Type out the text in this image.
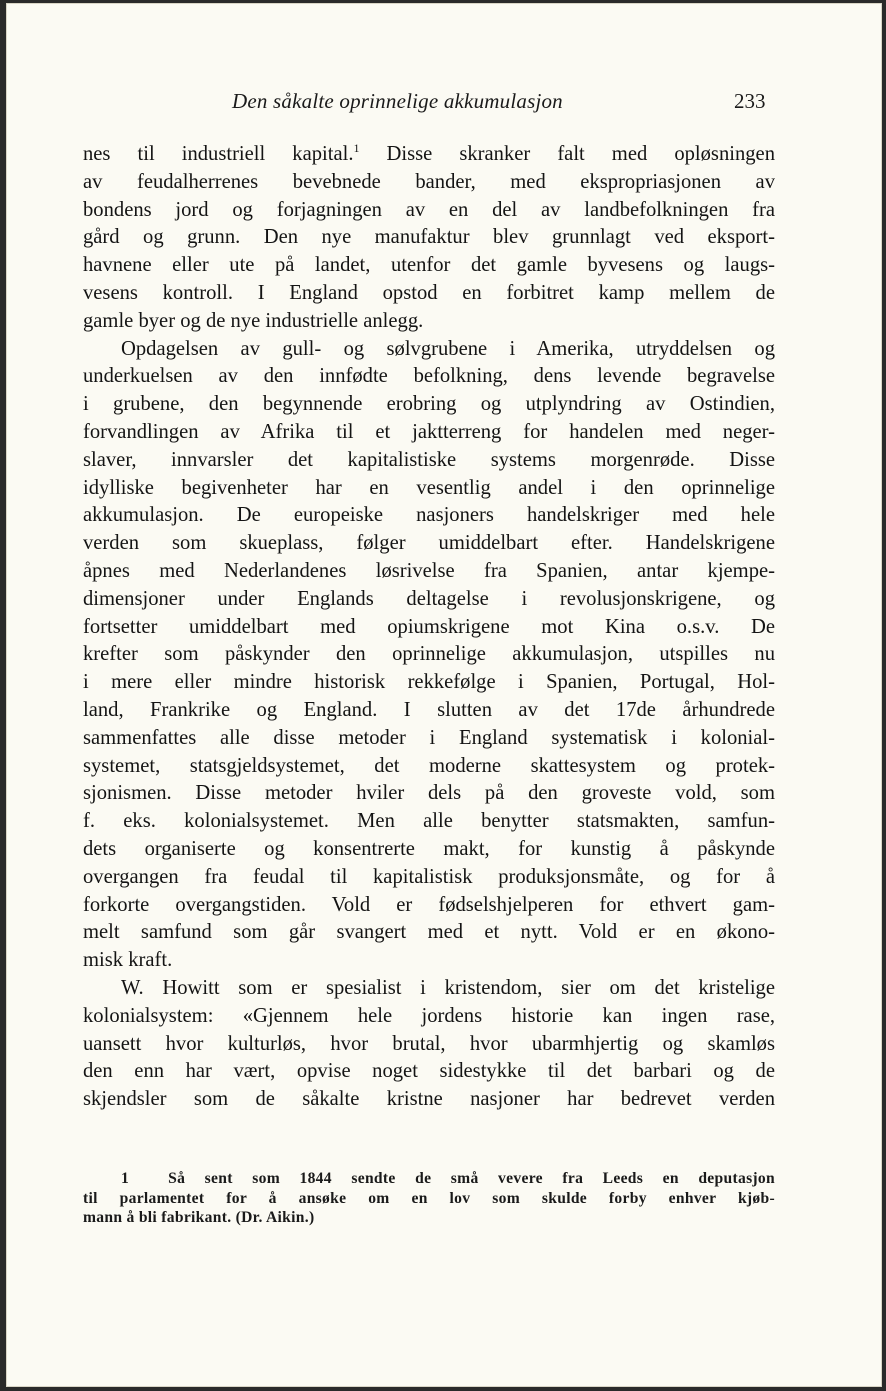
Den såkalte oprinnelige akkumulasjon	233
nes til industriell kapital.$^1$ Disse skranker falt med opløsningen
av feudalherrenes bevebnede bander, med ekspropriasjonen av
bondens jord og forjagningen av en del av landbefolkningen fra
gård og grunn. Den nye manufaktur blev grunnlagt ved eksport-
havnene eller ute på landet, utenfor det gamle byvesens og laugs-
vesens kontroll. I England opstod en forbitret kamp mellem de
gamle byer og de nye industrielle anlegg.
Opdagelsen av gull- og sølvgrubene i Amerika, utryddelsen og
underkuelsen av den innfødte befolkning, dens levende begravelse
i grubene, den begynnende erobring og utplyndring av Ostindien,
forvandlingen av Afrika til et jaktterreng for handelen med neger-
slaver, innvarsler det kapitalistiske systems morgenrøde. Disse
idylliske begivenheter har en vesentlig andel i den oprinnelige
akkumulasjon. De europeiske nasjoners handelskriger med hele
verden som skueplass, følger umiddelbart efter. Handelskrigene
åpnes med Nederlandenes løsrivelse fra Spanien, antar kjempe-
dimensjoner under Englands deltagelse i revolusjonskrigene, og
fortsetter umiddelbart med opiumskrigene mot Kina o.s.v. De
krefter som påskynder den oprinnelige akkumulasjon, utspilles nu
i mere eller mindre historisk rekkefølge i Spanien, Portugal, Hol-
land, Frankrike og England. I slutten av det 17de århundrede
sammenfattes alle disse metoder i England systematisk i kolonial-
systemet, statsgjeldsystemet, det moderne skattesystem og protek-
sjonismen. Disse metoder hviler dels på den groveste vold, som
f. eks. kolonialsystemet. Men alle benytter statsmakten, samfun-
dets organiserte og konsentrerte makt, for kunstig å påskynde
overgangen fra feudal til kapitalistisk produksjonsmåte, og for å
forkorte overgangstiden. Vold er fødselshjelperen for ethvert gam-
melt samfund som går svangert med et nytt. Vold er en økono-
misk kraft.
W. Howitt som er spesialist i kristendom, sier om det kristelige
kolonialsystem: «Gjennem hele jordens historie kan ingen rase,
uansett hvor kulturløs, hvor brutal, hvor ubarmhjertig og skamløs
den enn har vært, opvise noget sidestykke til det barbari og de
skjendsler som de såkalte kristne nasjoner har bedrevet verden
1	Så sent som 1844 sendte de små vevere fra Leeds en deputasjon
til parlamentet for å ansøke om en lov som skulde forby enhver kjøb-
mann å bli fabrikant. (Dr. Aikin.)
